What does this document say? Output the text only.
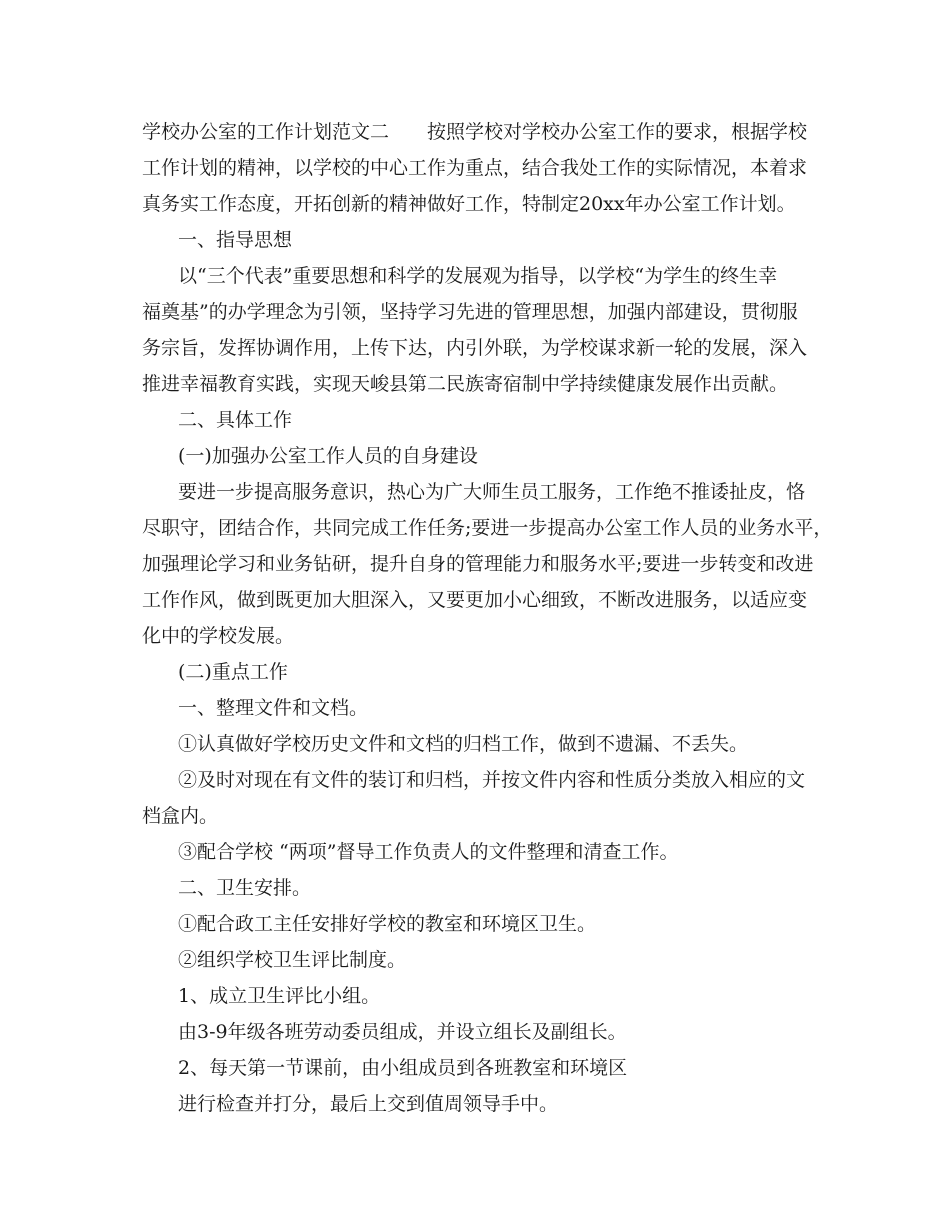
学校办公室的工作计划范文二　　按照学校对学校办公室工作的要求，根据学校
工作计划的精神，以学校的中心工作为重点，结合我处工作的实际情况，本着求
真务实工作态度，开拓创新的精神做好工作，特制定20xx年办公室工作计划。
一、指导思想
以“三个代表”重要思想和科学的发展观为指导，以学校“为学生的终生幸
福奠基”的办学理念为引领，坚持学习先进的管理思想，加强内部建设，贯彻服
务宗旨，发挥协调作用，上传下达，内引外联，为学校谋求新一轮的发展，深入
推进幸福教育实践，实现天峻县第二民族寄宿制中学持续健康发展作出贡献。
二、具体工作
(一)加强办公室工作人员的自身建设
要进一步提高服务意识，热心为广大师生员工服务，工作绝不推诿扯皮，恪
尽职守，团结合作，共同完成工作任务;要进一步提高办公室工作人员的业务水平，
加强理论学习和业务钻研，提升自身的管理能力和服务水平;要进一步转变和改进
工作作风，做到既更加大胆深入，又要更加小心细致，不断改进服务，以适应变
化中的学校发展。
(二)重点工作
一、整理文件和文档。
①认真做好学校历史文件和文档的归档工作，做到不遗漏、不丢失。
②及时对现在有文件的装订和归档，并按文件内容和性质分类放入相应的文
档盒内。
③配合学校 “两项”督导工作负责人的文件整理和清查工作。
二、卫生安排。
①配合政工主任安排好学校的教室和环境区卫生。
②组织学校卫生评比制度。
1、成立卫生评比小组。
由3-9年级各班劳动委员组成，并设立组长及副组长。
2、每天第一节课前，由小组成员到各班教室和环境区
进行检查并打分，最后上交到值周领导手中。
